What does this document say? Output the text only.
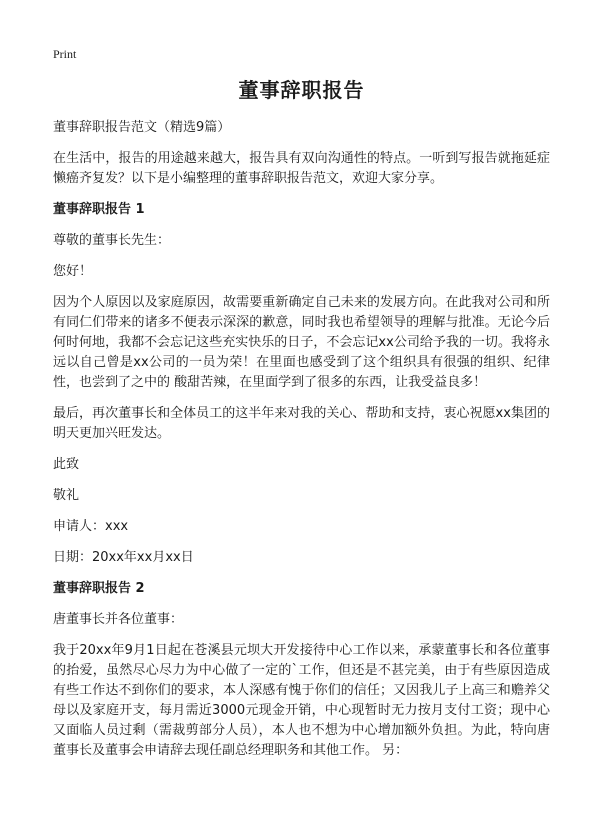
Print
董事辞职报告
董事辞职报告范文（精选9篇）
在生活中，报告的用途越来越大，报告具有双向沟通性的特点。一听到写报告就拖延症懒癌齐复发？以下是小编整理的董事辞职报告范文，欢迎大家分享。
董事辞职报告 1
尊敬的董事长先生：
您好！
因为个人原因以及家庭原因，故需要重新确定自己未来的发展方向。在此我对公司和所有同仁们带来的诸多不便表示深深的歉意，同时我也希望领导的理解与批准。无论今后何时何地，我都不会忘记这些充实快乐的日子，不会忘记xx公司给予我的一切。我将永远以自己曾是xx公司的一员为荣！在里面也感受到了这个组织具有很强的组织、纪律性，也尝到了之中的 酸甜苦辣，在里面学到了很多的东西，让我受益良多！
最后，再次董事长和全体员工的这半年来对我的关心、帮助和支持，衷心祝愿xx集团的明天更加兴旺发达。
此致
敬礼
申请人：xxx
日期：20xx年xx月xx日
董事辞职报告 2
唐董事长并各位董事：
我于20xx年9月1日起在苍溪县元坝大开发接待中心工作以来，承蒙董事长和各位董事的抬爱，虽然尽心尽力为中心做了一定的`工作，但还是不甚完美，由于有些原因造成有些工作达不到你们的要求，本人深感有愧于你们的信任；又因我儿子上高三和赡养父母以及家庭开支，每月需近3000元现金开销，中心现暂时无力按月支付工资；现中心又面临人员过剩（需裁剪部分人员），本人也不想为中心增加额外负担。为此，特向唐董事长及董事会申请辞去现任副总经理职务和其他工作。 另：
